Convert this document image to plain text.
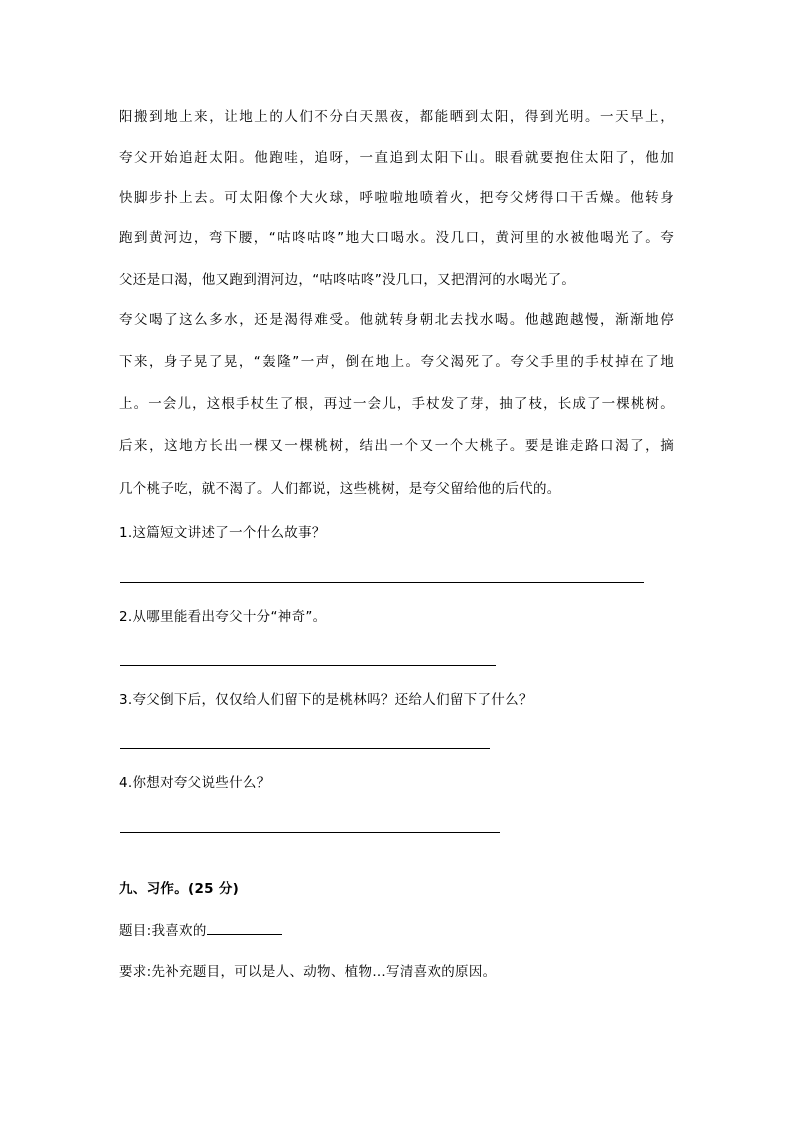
阳搬到地上来，让地上的人们不分白天黑夜，都能晒到太阳，得到光明。一天早上，
夸父开始追赶太阳。他跑哇，追呀，一直追到太阳下山。眼看就要抱住太阳了，他加
快脚步扑上去。可太阳像个大火球，呼啦啦地喷着火，把夸父烤得口干舌燥。他转身
跑到黄河边，弯下腰，“咕咚咕咚”地大口喝水。没几口，黄河里的水被他喝光了。夸
父还是口渴，他又跑到渭河边，“咕咚咕咚”没几口，又把渭河的水喝光了。
夸父喝了这么多水，还是渴得难受。他就转身朝北去找水喝。他越跑越慢，渐渐地停
下来，身子晃了晃，“轰隆”一声，倒在地上。夸父渴死了。夸父手里的手杖掉在了地
上。一会儿，这根手杖生了根，再过一会儿，手杖发了芽，抽了枝，长成了一棵桃树。
后来，这地方长出一棵又一棵桃树，结出一个又一个大桃子。要是谁走路口渴了，摘
几个桃子吃，就不渴了。人们都说，这些桃树，是夸父留给他的后代的。
1.这篇短文讲述了一个什么故事？
2.从哪里能看出夸父十分“神奇”。
3.夸父倒下后，仅仅给人们留下的是桃林吗？还给人们留下了什么？
4.你想对夸父说些什么？
九、习作。(25 分)
题目:我喜欢的
要求:先补充题目，可以是人、动物、植物…写清喜欢的原因。
